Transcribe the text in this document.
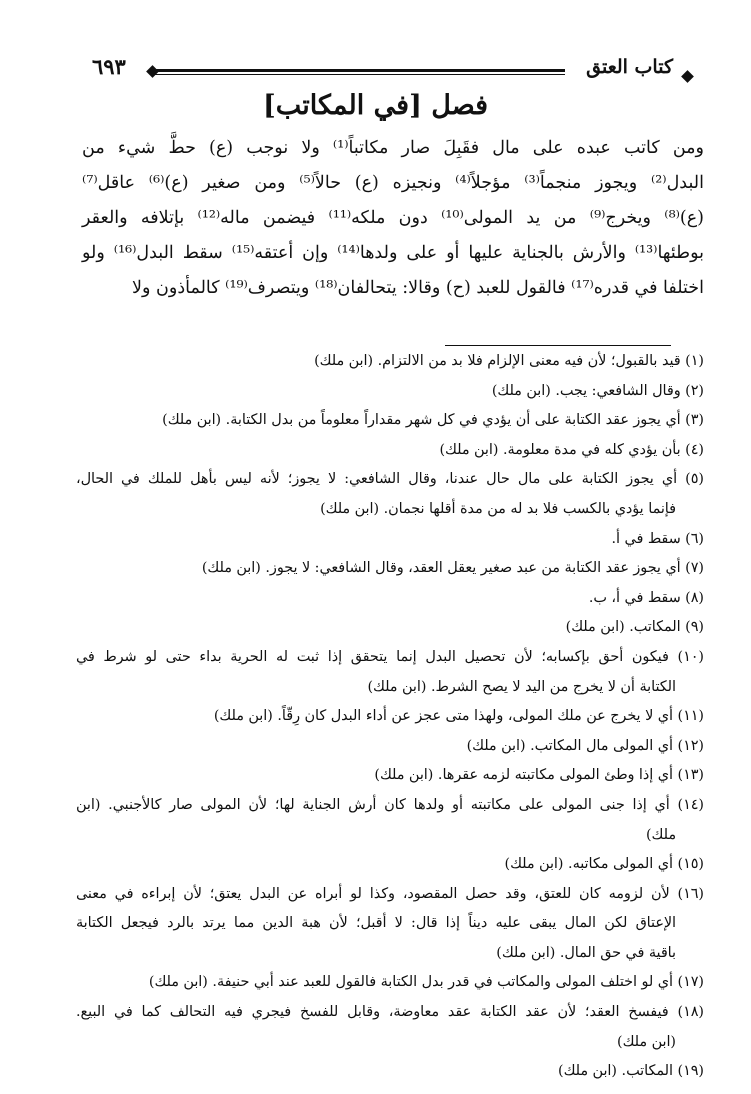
كتاب العتق
٦٩٣
فصل [في المكاتب]
ومن كاتب عبده على مال فقَبِلَ صار مكاتباً⁽¹⁾ ولا نوجب (ع) حطَّ شيء من
البدل⁽²⁾ ويجوز منجماً⁽³⁾ مؤجلاً⁽⁴⁾ ونجيزه (ع) حالاً⁽⁵⁾ ومن صغير (ع)⁽⁶⁾ عاقل⁽⁷⁾
(ع)⁽⁸⁾ ويخرج⁽⁹⁾ من يد المولى⁽¹⁰⁾ دون ملكه⁽¹¹⁾ فيضمن ماله⁽¹²⁾ بإتلافه والعقر
بوطئها⁽¹³⁾ والأرش بالجناية عليها أو على ولدها⁽¹⁴⁾ وإن أعتقه⁽¹⁵⁾ سقط البدل⁽¹⁶⁾ ولو
اختلفا في قدره⁽¹⁷⁾ فالقول للعبد (ح) وقالا: يتحالفان⁽¹⁸⁾ ويتصرف⁽¹⁹⁾ كالمأذون ولا
(١) قيد بالقبول؛ لأن فيه معنى الإلزام فلا بد من الالتزام. (ابن ملك)
(٢) وقال الشافعي: يجب. (ابن ملك)
(٣) أي يجوز عقد الكتابة على أن يؤدي في كل شهر مقداراً معلوماً من بدل الكتابة. (ابن ملك)
(٤) بأن يؤدي كله في مدة معلومة. (ابن ملك)
(٥) أي يجوز الكتابة على مال حال عندنا، وقال الشافعي: لا يجوز؛ لأنه ليس بأهل للملك في الحال،
فإنما يؤدي بالكسب فلا بد له من مدة أقلها نجمان. (ابن ملك)
(٦) سقط في أ.
(٧) أي يجوز عقد الكتابة من عبد صغير يعقل العقد، وقال الشافعي: لا يجوز. (ابن ملك)
(٨) سقط في أ، ب.
(٩) المكاتب. (ابن ملك)
(١٠) فيكون أحق بإكسابه؛ لأن تحصيل البدل إنما يتحقق إذا ثبت له الحرية بداء حتى لو شرط في
الكتابة أن لا يخرج من اليد لا يصح الشرط. (ابن ملك)
(١١) أي لا يخرج عن ملك المولى، ولهذا متى عجز عن أداء البدل كان رِقّاً. (ابن ملك)
(١٢) أي المولى مال المكاتب. (ابن ملك)
(١٣) أي إذا وطئ المولى مكاتبته لزمه عقرها. (ابن ملك)
(١٤) أي إذا جنى المولى على مكاتبته أو ولدها كان أرش الجناية لها؛ لأن المولى صار كالأجنبي. (ابن
ملك)
(١٥) أي المولى مكاتبه. (ابن ملك)
(١٦) لأن لزومه كان للعتق، وقد حصل المقصود، وكذا لو أبراه عن البدل يعتق؛ لأن إبراءه في معنى
الإعتاق لكن المال يبقى عليه ديناً إذا قال: لا أقبل؛ لأن هبة الدين مما يرتد بالرد فيجعل الكتابة
باقية في حق المال. (ابن ملك)
(١٧) أي لو اختلف المولى والمكاتب في قدر بدل الكتابة فالقول للعبد عند أبي حنيفة. (ابن ملك)
(١٨) فيفسخ العقد؛ لأن عقد الكتابة عقد معاوضة، وقابل للفسخ فيجري فيه التحالف كما في البيع.
(ابن ملك)
(١٩) المكاتب. (ابن ملك)
